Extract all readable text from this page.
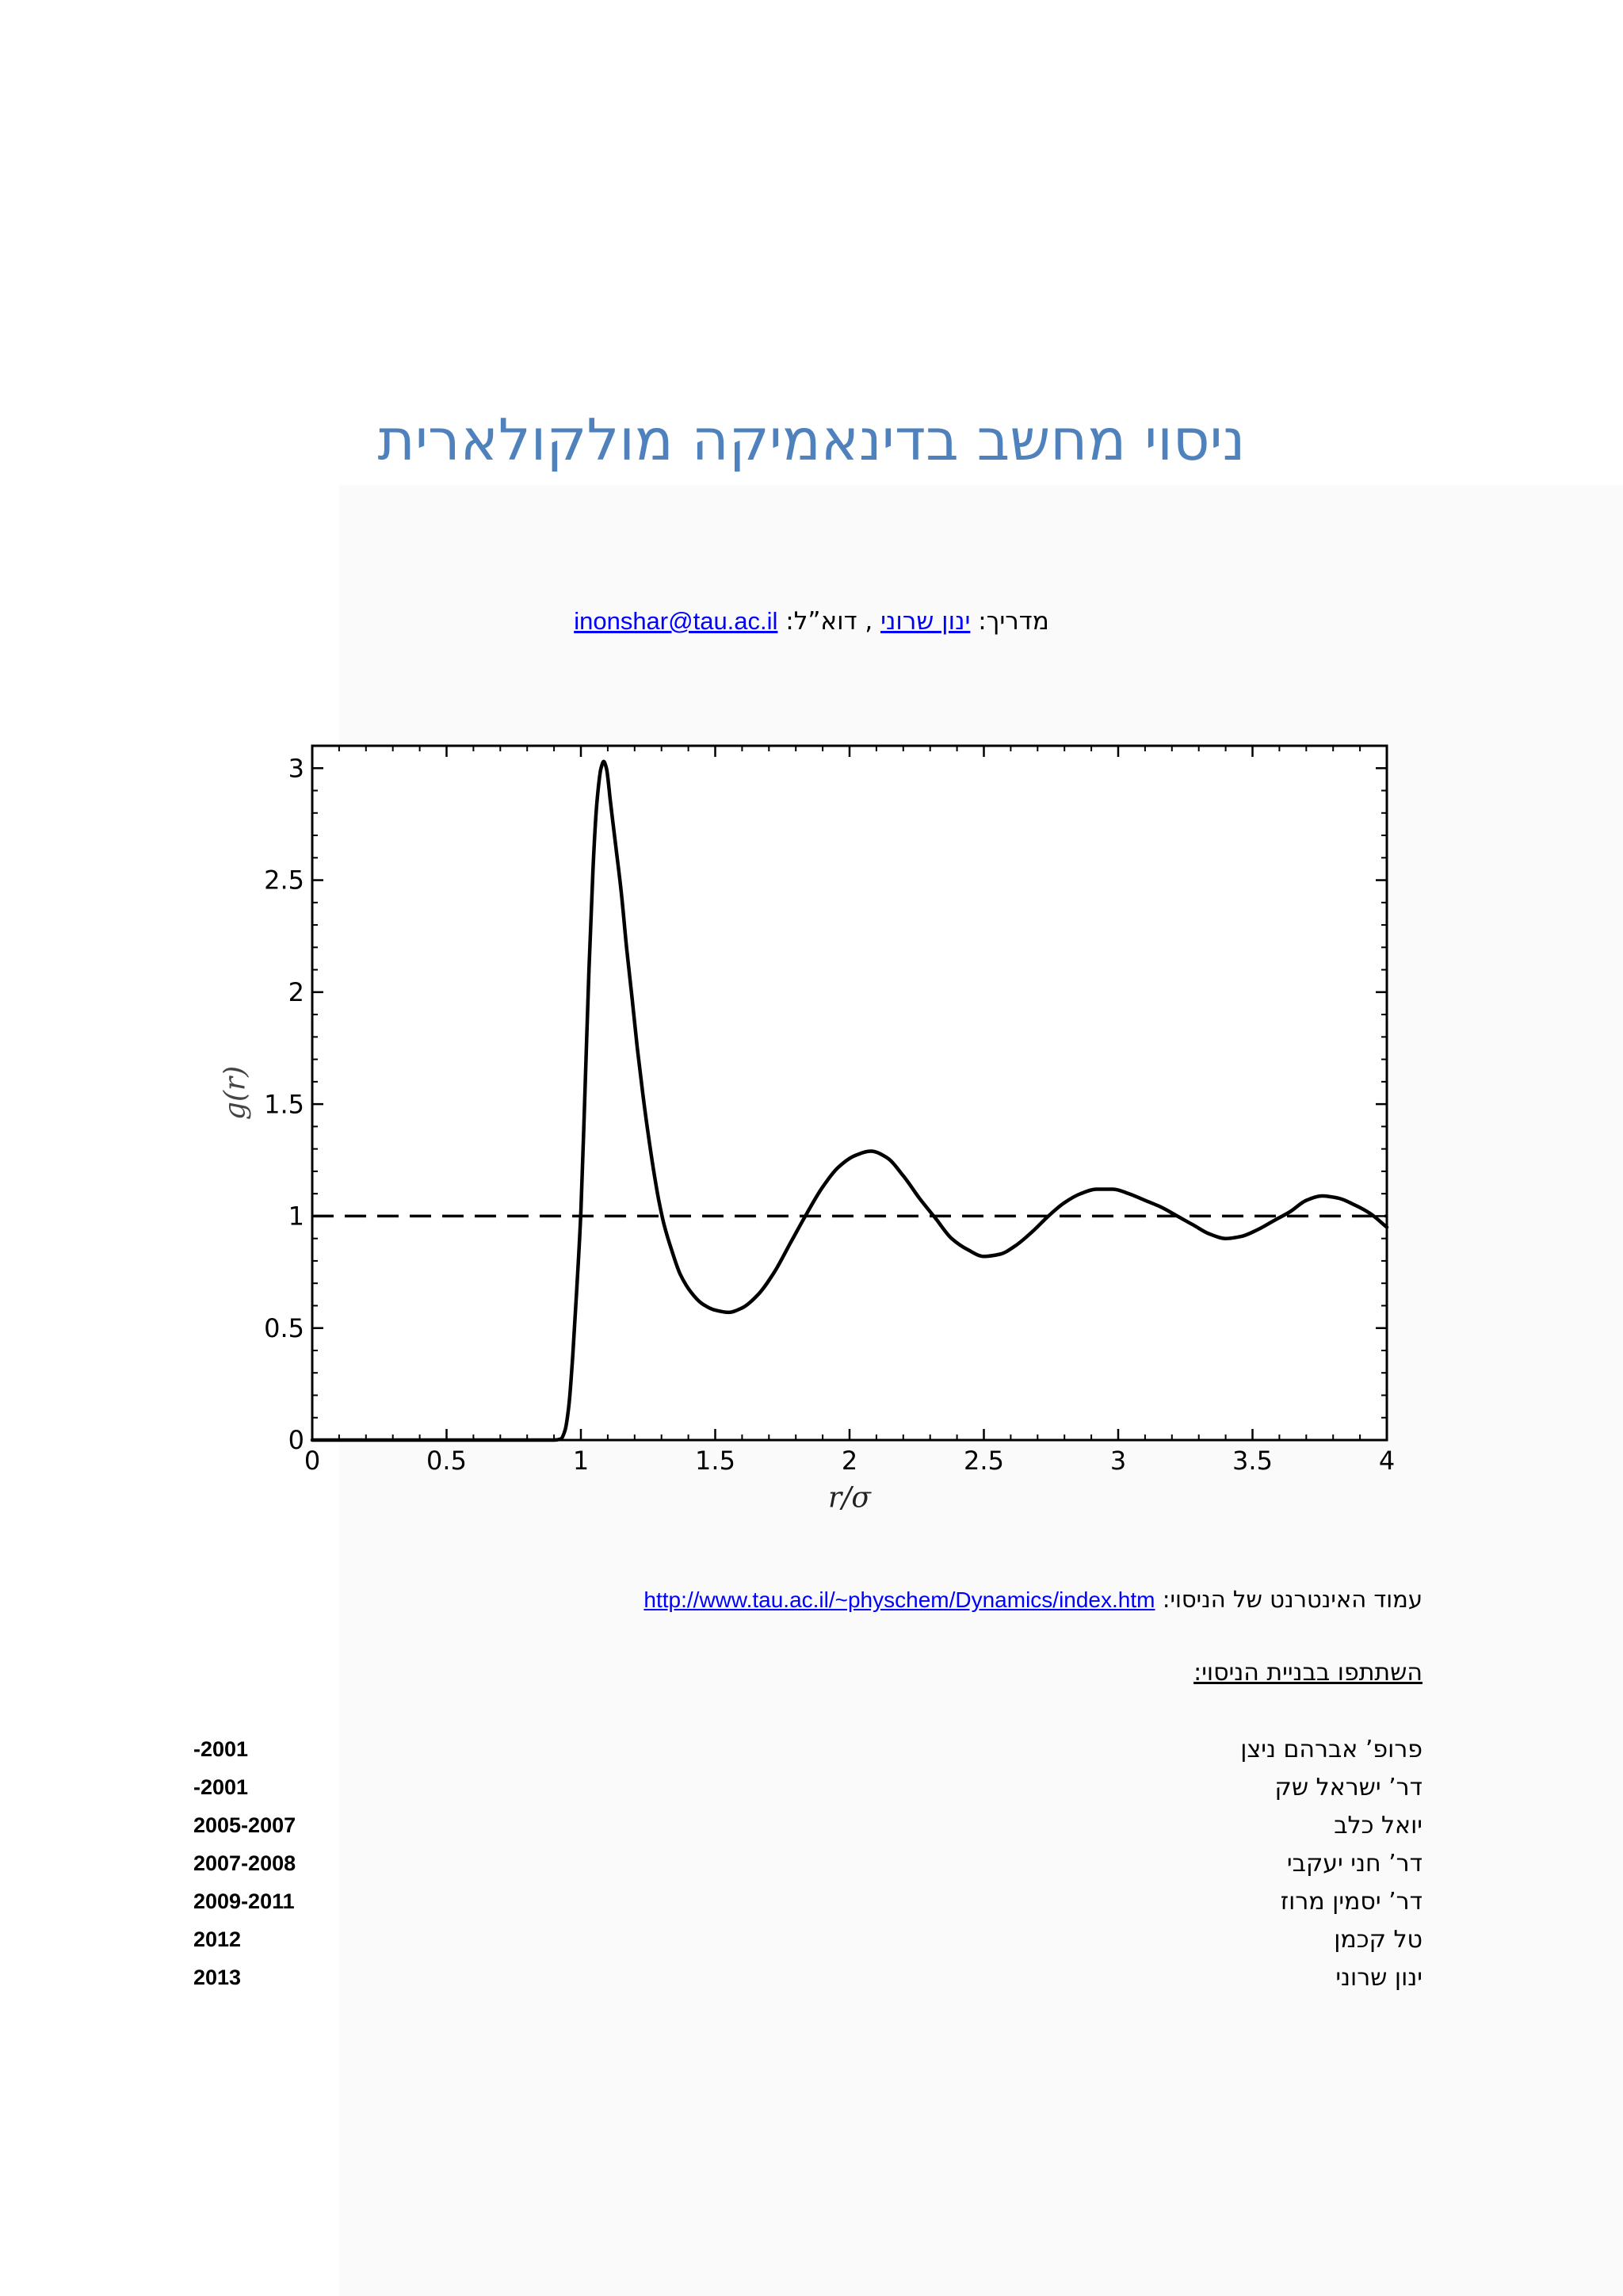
ניסוי מחשב בדינאמיקה מולקולארית

מדריך: ינון שרוני , דוא”ל: inonshar@tau.ac.il

0	0.5	1	1.5	2	2.5	3	3.5	4
0
0.5
1
1.5
2
2.5
3
r/σ
g(r)

עמוד האינטרנט של הניסוי: http://www.tau.ac.il/~physchem/Dynamics/index.htm

השתתפו בבניית הניסוי:

-2001	פרופ’ אברהם ניצן
-2001	דר’ ישראל שק
2005-2007	יואל כלב
2007-2008	דר’ חני יעקבי
2009-2011	דר’ יסמין מרוז
2012	טל קכמן
2013	ינון שרוני
